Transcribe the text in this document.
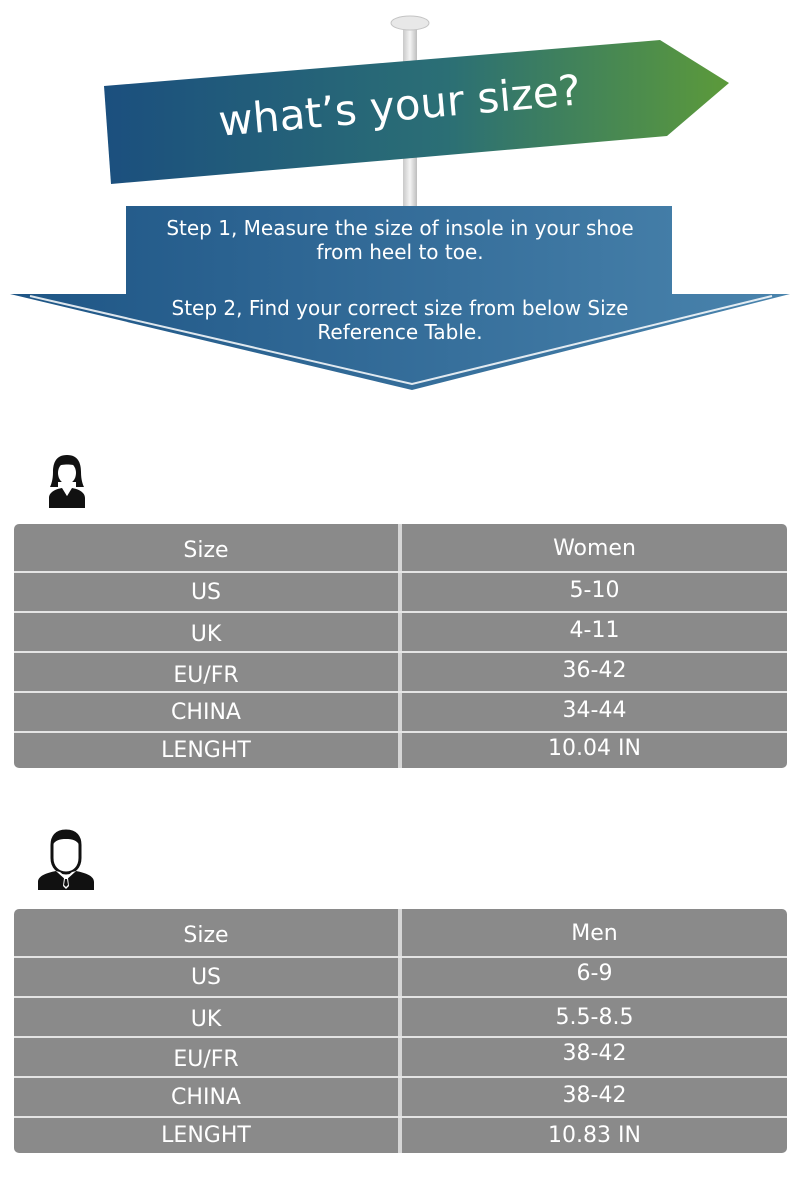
what’s your size?
Step 1, Measure the size of insole in your shoe from heel to toe.
Step 2, Find your correct size from below Size Reference Table.
Size	Women
US	5-10
UK	4-11
EU/FR	36-42
CHINA	34-44
LENGHT	10.04 IN
Size	Men
US	6-9
UK	5.5-8.5
EU/FR	38-42
CHINA	38-42
LENGHT	10.83 IN
